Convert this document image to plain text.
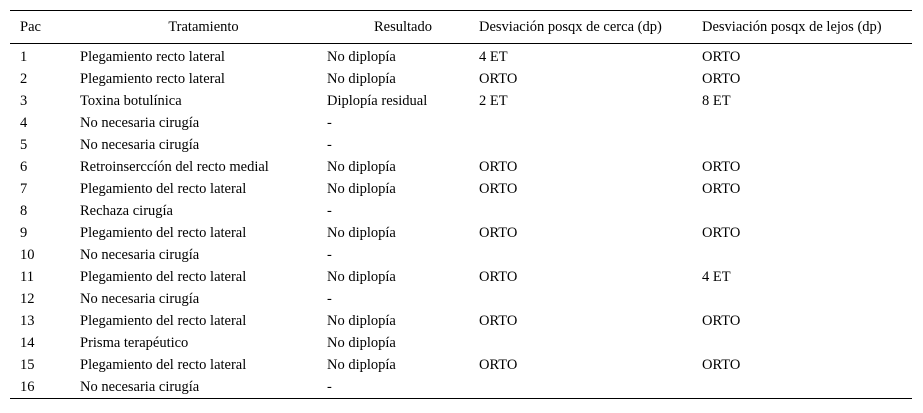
Pac	Tratamiento	Resultado	Desviación posqx de cerca (dp)	Desviación posqx de lejos (dp)
1	Plegamiento recto lateral	No diplopía	4 ET	ORTO
2	Plegamiento recto lateral	No diplopía	ORTO	ORTO
3	Toxina botulínica	Diplopía residual	2 ET	8 ET
4	No necesaria cirugía	-		
5	No necesaria cirugía	-		
6	Retroinserccíón del recto medial	No diplopía	ORTO	ORTO
7	Plegamiento del recto lateral	No diplopía	ORTO	ORTO
8	Rechaza cirugía	-		
9	Plegamiento del recto lateral	No diplopía	ORTO	ORTO
10	No necesaria cirugía	-		
11	Plegamiento del recto lateral	No diplopía	ORTO	4 ET
12	No necesaria cirugía	-		
13	Plegamiento del recto lateral	No diplopía	ORTO	ORTO
14	Prisma terapéutico	No diplopía		
15	Plegamiento del recto lateral	No diplopía	ORTO	ORTO
16	No necesaria cirugía	-		
